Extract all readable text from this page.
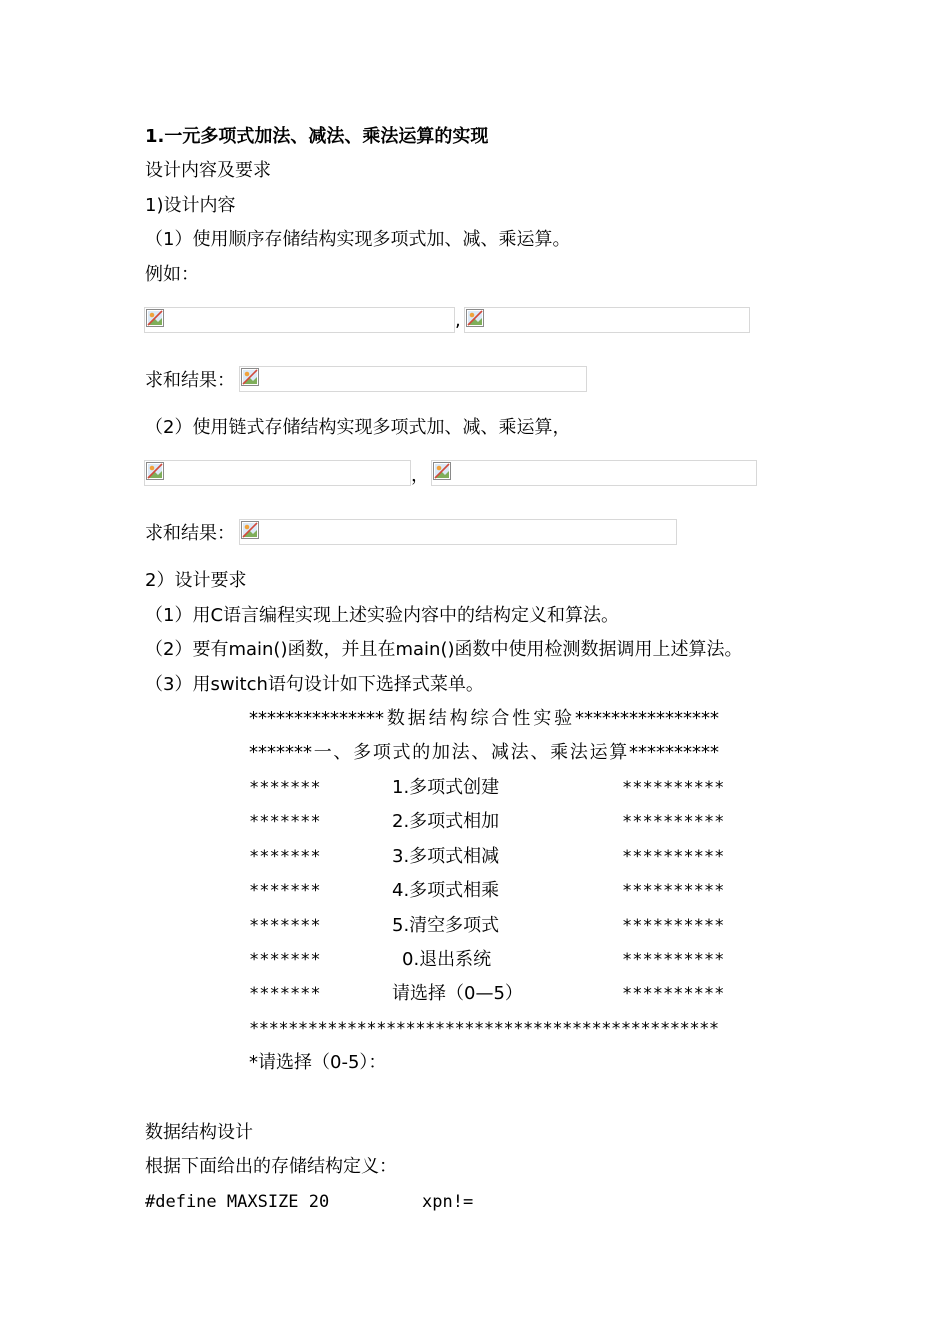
1.一元多项式加法、减法、乘法运算的实现
设计内容及要求
1)设计内容
（1）使用顺序存储结构实现多项式加、减、乘运算。
例如：
,
求和结果：
（2）使用链式存储结构实现多项式加、减、乘运算，
，
求和结果：
2）设计要求
（1）用C语言编程实现上述实验内容中的结构定义和算法。
（2）要有main()函数，并且在main()函数中使用检测数据调用上述算法。
（3）用switch语句设计如下选择式菜单。
***************数据结构综合性实验****************
*******一、多项式的加法、减法、乘法运算**********
*******	1.多项式创建	**********
*******	2.多项式相加	**********
*******	3.多项式相减	**********
*******	4.多项式相乘	**********
*******	5.清空多项式	**********
*******	0.退出系统	**********
*******	请选择（0—5）	**********
************************************************
*请选择（0-5）：
数据结构设计
根据下面给出的存储结构定义：
#define MAXSIZE 20	xpn!=
